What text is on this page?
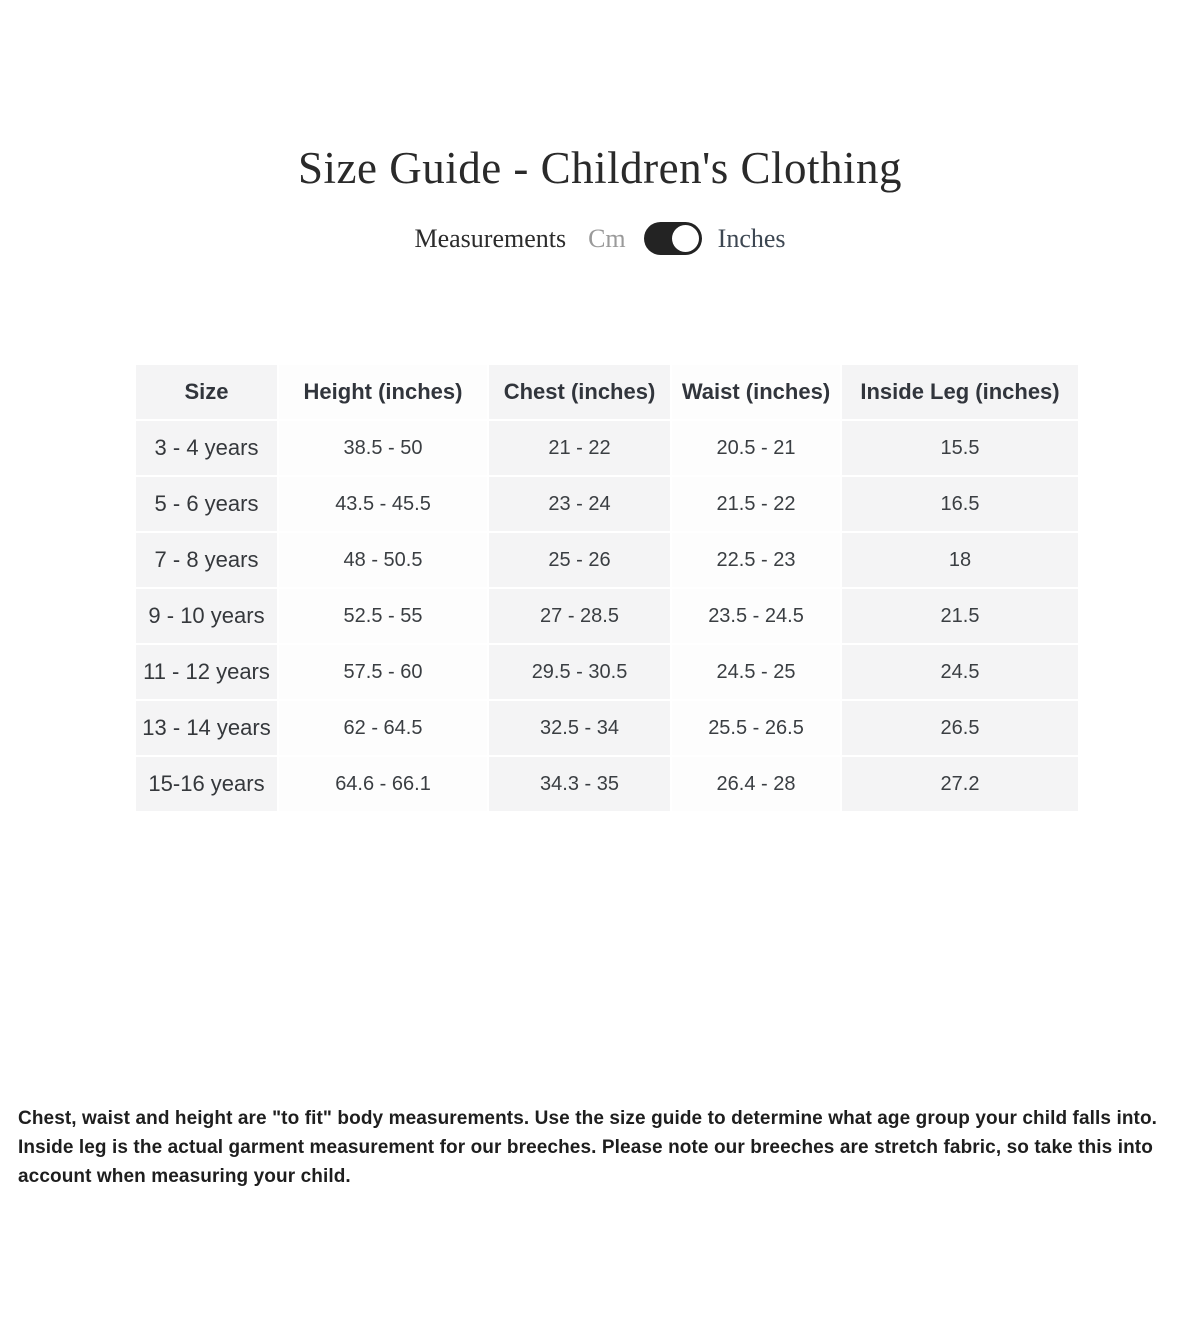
Size Guide - Children's Clothing
Measurements Cm	Inches
Size	Height (inches)	Chest (inches)	Waist (inches)	Inside Leg (inches)
3 - 4 years	38.5 - 50	21 - 22	20.5 - 21	15.5
5 - 6 years	43.5 - 45.5	23 - 24	21.5 - 22	16.5
7 - 8 years	48 - 50.5	25 - 26	22.5 - 23	18
9 - 10 years	52.5 - 55	27 - 28.5	23.5 - 24.5	21.5
11 - 12 years	57.5 - 60	29.5 - 30.5	24.5 - 25	24.5
13 - 14 years	62 - 64.5	32.5 - 34	25.5 - 26.5	26.5
15-16 years	64.6 - 66.1	34.3 - 35	26.4 - 28	27.2

Chest, waist and height are "to fit" body measurements. Use the size guide to determine what age group your child falls into. Inside leg is the actual garment measurement for our breeches. Please note our breeches are stretch fabric, so take this into account when measuring your child.
